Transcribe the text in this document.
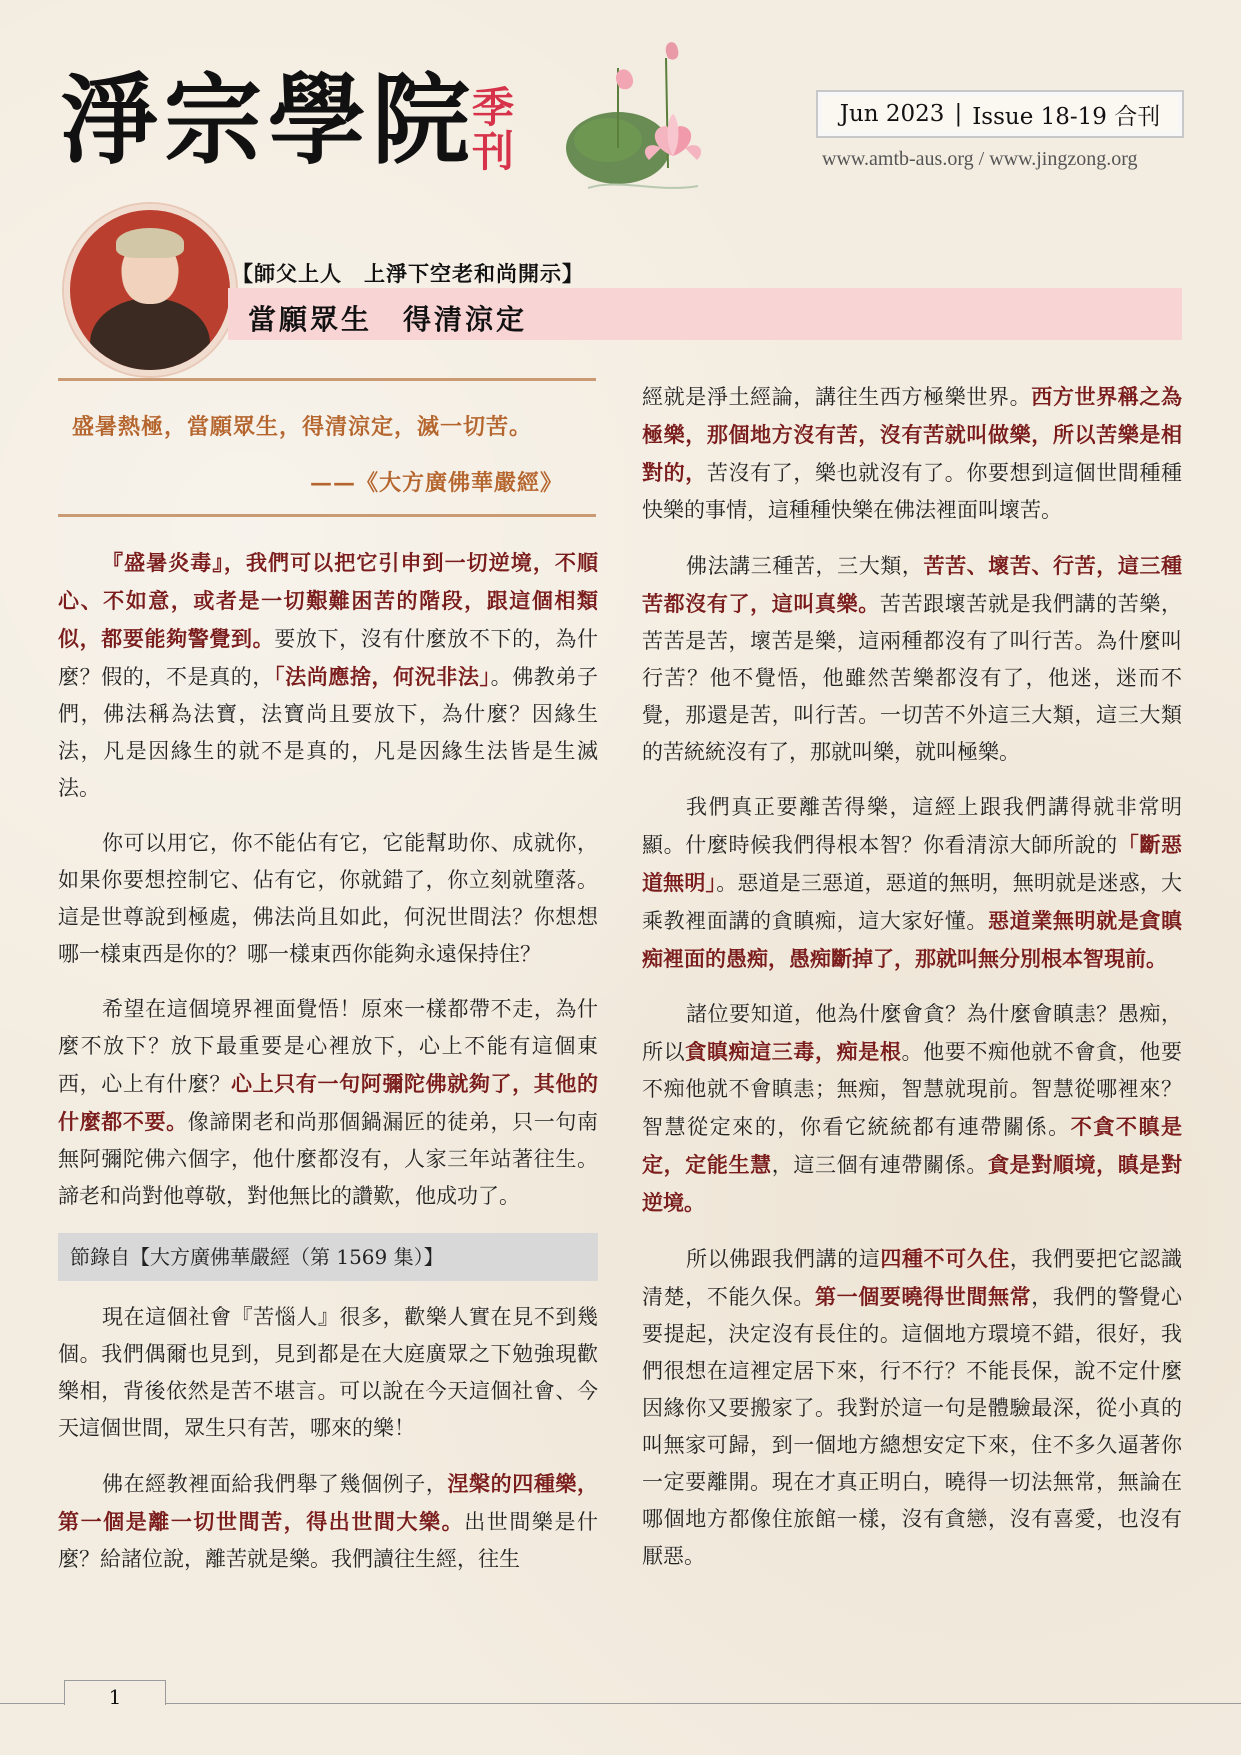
淨宗學院
季刊
Jun 2023 | Issue 18-19 合刊
www.amtb-aus.org / www.jingzong.org
【師父上人　上淨下空老和尚開示】
當願眾生　得清涼定
盛暑熱極，當願眾生，得清涼定，滅一切苦。
——《大方廣佛華嚴經》

『盛暑炎毒』，我們可以把它引申到一切逆境，不順心、不如意，或者是一切艱難困苦的階段，跟這個相類似，都要能夠警覺到。要放下，沒有什麼放不下的，為什麼？假的，不是真的，「法尚應捨，何況非法」。佛教弟子們，佛法稱為法寶，法寶尚且要放下，為什麼？因緣生法，凡是因緣生的就不是真的，凡是因緣生法皆是生滅法。

你可以用它，你不能佔有它，它能幫助你、成就你，如果你要想控制它、佔有它，你就錯了，你立刻就墮落。這是世尊說到極處，佛法尚且如此，何況世間法？你想想哪一樣東西是你的？哪一樣東西你能夠永遠保持住？

希望在這個境界裡面覺悟！原來一樣都帶不走，為什麼不放下？放下最重要是心裡放下，心上不能有這個東西，心上有什麼？心上只有一句阿彌陀佛就夠了，其他的什麼都不要。像諦閑老和尚那個鍋漏匠的徒弟，只一句南無阿彌陀佛六個字，他什麼都沒有，人家三年站著往生。諦老和尚對他尊敬，對他無比的讚歎，他成功了。

節錄自【大方廣佛華嚴經（第 1569 集）】

現在這個社會『苦惱人』很多，歡樂人實在見不到幾個。我們偶爾也見到，見到都是在大庭廣眾之下勉強現歡樂相，背後依然是苦不堪言。可以說在今天這個社會、今天這個世間，眾生只有苦，哪來的樂！

佛在經教裡面給我們舉了幾個例子，涅槃的四種樂，第一個是離一切世間苦，得出世間大樂。出世間樂是什麼？給諸位說，離苦就是樂。我們讀往生經，往生

經就是淨土經論，講往生西方極樂世界。西方世界稱之為極樂，那個地方沒有苦，沒有苦就叫做樂，所以苦樂是相對的，苦沒有了，樂也就沒有了。你要想到這個世間種種快樂的事情，這種種快樂在佛法裡面叫壞苦。

佛法講三種苦，三大類，苦苦、壞苦、行苦，這三種苦都沒有了，這叫真樂。苦苦跟壞苦就是我們講的苦樂，苦苦是苦，壞苦是樂，這兩種都沒有了叫行苦。為什麼叫行苦？他不覺悟，他雖然苦樂都沒有了，他迷，迷而不覺，那還是苦，叫行苦。一切苦不外這三大類，這三大類的苦統統沒有了，那就叫樂，就叫極樂。

我們真正要離苦得樂，這經上跟我們講得就非常明顯。什麼時候我們得根本智？你看清涼大師所說的「斷惡道無明」。惡道是三惡道，惡道的無明，無明就是迷惑，大乘教裡面講的貪瞋痴，這大家好懂。惡道業無明就是貪瞋痴裡面的愚痴，愚痴斷掉了，那就叫無分別根本智現前。

諸位要知道，他為什麼會貪？為什麼會瞋恚？愚痴，所以貪瞋痴這三毒，痴是根。他要不痴他就不會貪，他要不痴他就不會瞋恚；無痴，智慧就現前。智慧從哪裡來？智慧從定來的，你看它統統都有連帶關係。不貪不瞋是定，定能生慧，這三個有連帶關係。貪是對順境，瞋是對逆境。

所以佛跟我們講的這四種不可久住，我們要把它認識清楚，不能久保。第一個要曉得世間無常，我們的警覺心要提起，決定沒有長住的。這個地方環境不錯，很好，我們很想在這裡定居下來，行不行？不能長保，說不定什麼因緣你又要搬家了。我對於這一句是體驗最深，從小真的叫無家可歸，到一個地方總想安定下來，住不多久逼著你一定要離開。現在才真正明白，曉得一切法無常，無論在哪個地方都像住旅館一樣，沒有貪戀，沒有喜愛，也沒有厭惡。

1
